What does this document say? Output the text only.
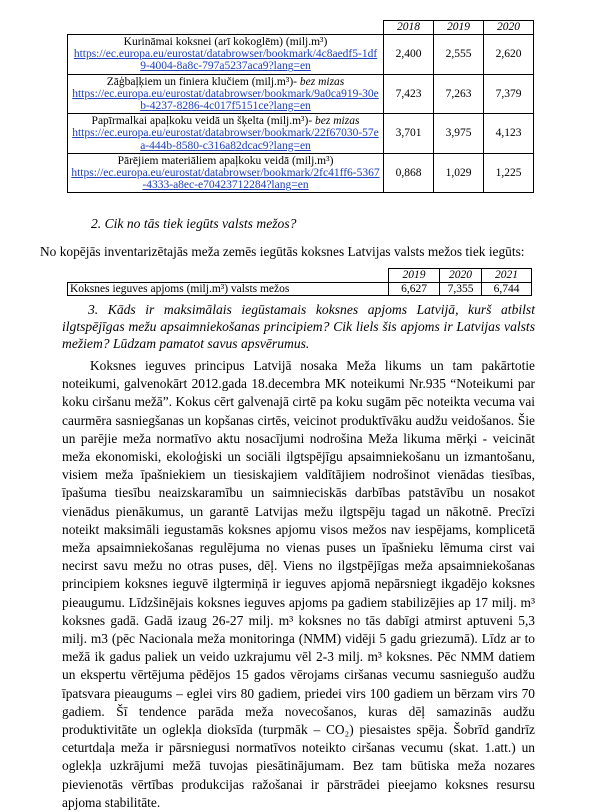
	2018	2019	2020

Kurināmai koksnei (arī kokoglēm) (milj.m³)
https://ec.europa.eu/eurostat/databrowser/bookmark/4c8aedf5-1df9-4004-8a8c-797a5237aca9?lang=en	2,400	2,555	2,620

Zāģbaļķiem un finiera klučiem (milj.m³)- bez mizas
https://ec.europa.eu/eurostat/databrowser/bookmark/9a0ca919-30eb-4237-8286-4c017f5151ce?lang=en	7,423	7,263	7,379

Papīrmalkai apaļkoku veidā un šķelta (milj.m³)- bez mizas
https://ec.europa.eu/eurostat/databrowser/bookmark/22f67030-57ea-444b-8580-c316a82dcac9?lang=en	3,701	3,975	4,123

Pārējiem materiāliem apaļkoku veidā (milj.m³)
https://ec.europa.eu/eurostat/databrowser/bookmark/2fc41ff6-5367-4333-a8ec-e70423712284?lang=en	0,868	1,029	1,225
2. Cik no tās tiek iegūts valsts mežos?
No kopējās inventarizētajās meža zemēs iegūtās koksnes Latvijas valsts mežos tiek iegūts:
	2019	2020	2021
Koksnes ieguves apjoms (milj.m³) valsts mežos	6,627	7,355	6,744
3. Kāds ir maksimālais iegūstamais koksnes apjoms Latvijā, kurš atbilst ilgtspējīgas mežu apsaimniekošanas principiem? Cik liels šis apjoms ir Latvijas valsts mežiem? Lūdzam pamatot savus apsvērumus.
Koksnes ieguves principus Latvijā nosaka Meža likums un tam pakārtotie noteikumi, galvenokārt 2012.gada 18.decembra MK noteikumi Nr.935 “Noteikumi par koku ciršanu mežā”. Kokus cērt galvenajā cirtē pa koku sugām pēc noteikta vecuma vai caurmēra sasniegšanas un kopšanas cirtēs, veicinot produktīvāku audžu veidošanos. Šie un parējie meža normatīvo aktu nosacījumi nodrošina Meža likuma mērķi - veicināt meža ekonomiski, ekoloģiski un sociāli ilgtspējīgu apsaimniekošanu un izmantošanu, visiem meža īpašniekiem un tiesiskajiem valdītājiem nodrošinot vienādas tiesības, īpašuma tiesību neaizskaramību un saimnieciskās darbības patstāvību un nosakot vienādus pienākumus, un garantē Latvijas mežu ilgtspēju tagad un nākotnē. Precīzi noteikt maksimāli iegustamās koksnes apjomu visos mežos nav iespējams, komplicetā meža apsaimniekošanas regulējuma no vienas puses un īpašnieku lēmuma cirst vai necirst savu mežu no otras puses, dēļ. Viens no ilgstpējīgas meža apsaimniekošanas principiem koksnes ieguvē ilgtermiņā ir ieguves apjomā nepārsniegt ikgadējo koksnes pieaugumu. Līdzšinējais koksnes ieguves apjoms pa gadiem stabilizējies ap 17 milj. m³ koksnes gadā. Gadā izaug 26-27 milj. m³ koksnes no tās dabīgi atmirst aptuveni 5,3 milj. m3 (pēc Nacionala meža monitoringa (NMM) vidēji 5 gadu griezumā). Līdz ar to mežā ik gadus paliek un veido uzkrajumu vēl 2-3 milj. m³ koksnes. Pēc NMM datiem un ekspertu vērtējuma pēdējos 15 gados vērojams ciršanas vecumu sasniegušo audžu īpatsvara pieaugums – eglei virs 80 gadiem, priedei virs 100 gadiem un bērzam virs 70 gadiem. Šī tendence parāda meža novecošanos, kuras dēļ samazinās audžu produktivitāte un oglekļa dioksīda (turpmāk – CO₂) piesaistes spēja. Šobrīd gandrīz ceturtdaļa meža ir pārsniegusi normatīvos noteikto ciršanas vecumu (skat. 1.att.) un oglekļa uzkrājumi mežā tuvojas piesātinājumam. Bez tam būtiska meža nozares pievienotās vērtības produkcijas ražošanai ir pārstrādei pieejamo koksnes resursu apjoma stabilitāte.
